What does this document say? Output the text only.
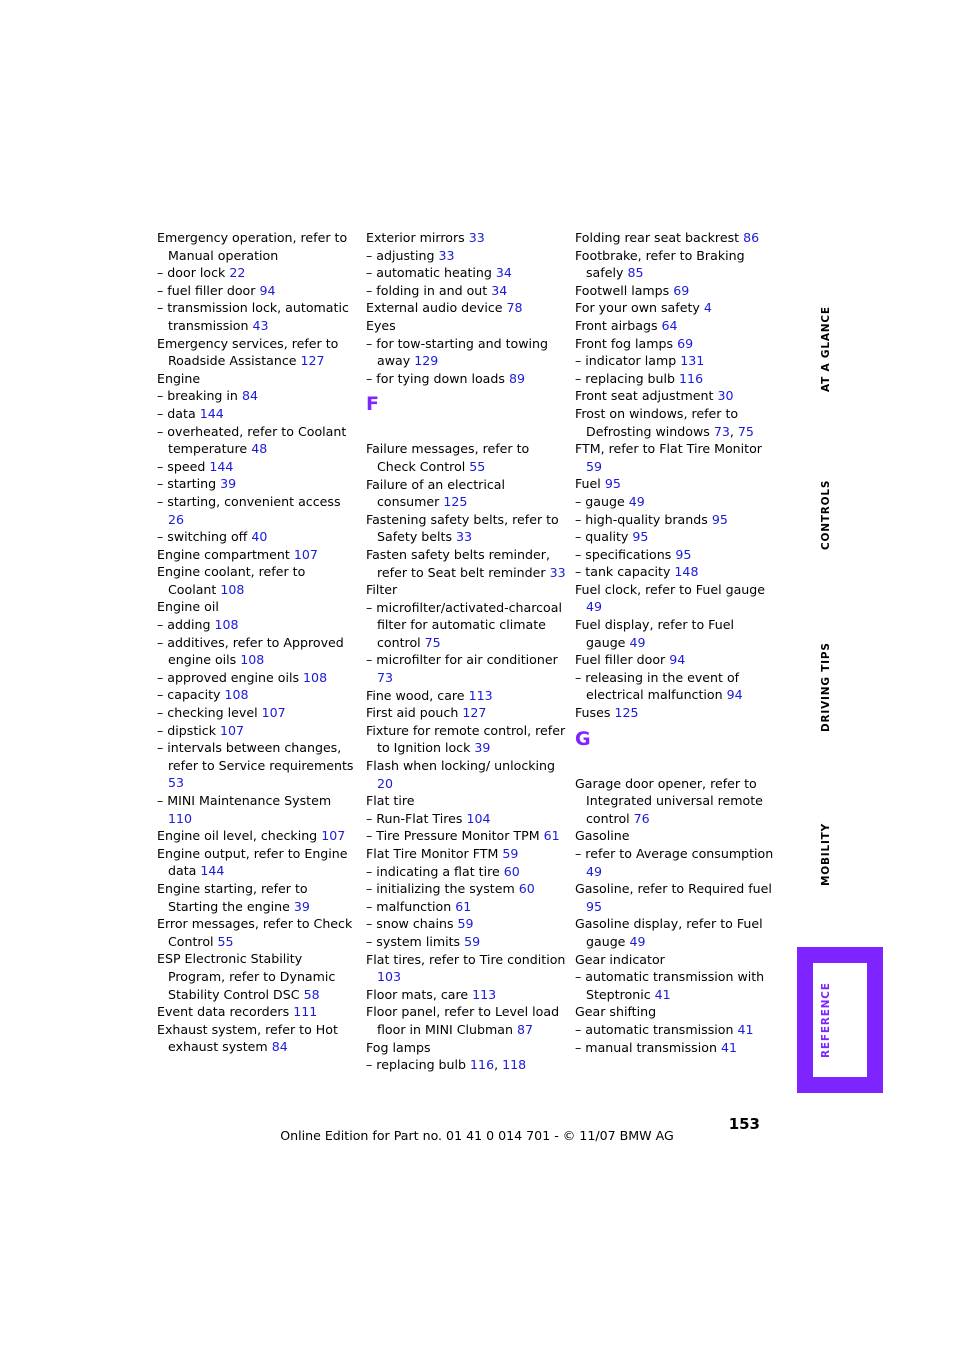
Emergency operation, refer to Manual operation
– door lock 22
– fuel filler door 94
– transmission lock, automatic transmission 43
Emergency services, refer to Roadside Assistance 127
Engine
– breaking in 84
– data 144
– overheated, refer to Coolant temperature 48
– speed 144
– starting 39
– starting, convenient access 26
– switching off 40
Engine compartment 107
Engine coolant, refer to Coolant 108
Engine oil
– adding 108
– additives, refer to Approved engine oils 108
– approved engine oils 108
– capacity 108
– checking level 107
– dipstick 107
– intervals between changes, refer to Service requirements 53
– MINI Maintenance System 110
Engine oil level, checking 107
Engine output, refer to Engine data 144
Engine starting, refer to Starting the engine 39
Error messages, refer to Check Control 55
ESP Electronic Stability Program, refer to Dynamic Stability Control DSC 58
Event data recorders 111
Exhaust system, refer to Hot exhaust system 84
Exterior mirrors 33
– adjusting 33
– automatic heating 34
– folding in and out 34
External audio device 78
Eyes
– for tow-starting and towing away 129
– for tying down loads 89
F
Failure messages, refer to Check Control 55
Failure of an electrical consumer 125
Fastening safety belts, refer to Safety belts 33
Fasten safety belts reminder, refer to Seat belt reminder 33
Filter
– microfilter/activated-charcoal filter for automatic climate control 75
– microfilter for air conditioner 73
Fine wood, care 113
First aid pouch 127
Fixture for remote control, refer to Ignition lock 39
Flash when locking/ unlocking 20
Flat tire
– Run-Flat Tires 104
– Tire Pressure Monitor TPM 61
Flat Tire Monitor FTM 59
– indicating a flat tire 60
– initializing the system 60
– malfunction 61
– snow chains 59
– system limits 59
Flat tires, refer to Tire condition 103
Floor mats, care 113
Floor panel, refer to Level load floor in MINI Clubman 87
Fog lamps
– replacing bulb 116, 118
Folding rear seat backrest 86
Footbrake, refer to Braking safely 85
Footwell lamps 69
For your own safety 4
Front airbags 64
Front fog lamps 69
– indicator lamp 131
– replacing bulb 116
Front seat adjustment 30
Frost on windows, refer to Defrosting windows 73, 75
FTM, refer to Flat Tire Monitor 59
Fuel 95
– gauge 49
– high-quality brands 95
– quality 95
– specifications 95
– tank capacity 148
Fuel clock, refer to Fuel gauge 49
Fuel display, refer to Fuel gauge 49
Fuel filler door 94
– releasing in the event of electrical malfunction 94
Fuses 125
G
Garage door opener, refer to Integrated universal remote control 76
Gasoline
– refer to Average consumption 49
Gasoline, refer to Required fuel 95
Gasoline display, refer to Fuel gauge 49
Gear indicator
– automatic transmission with Steptronic 41
Gear shifting
– automatic transmission 41
– manual transmission 41
AT A GLANCE
CONTROLS
DRIVING TIPS
MOBILITY
REFERENCE
153
Online Edition for Part no. 01 41 0 014 701 - © 11/07 BMW AG
